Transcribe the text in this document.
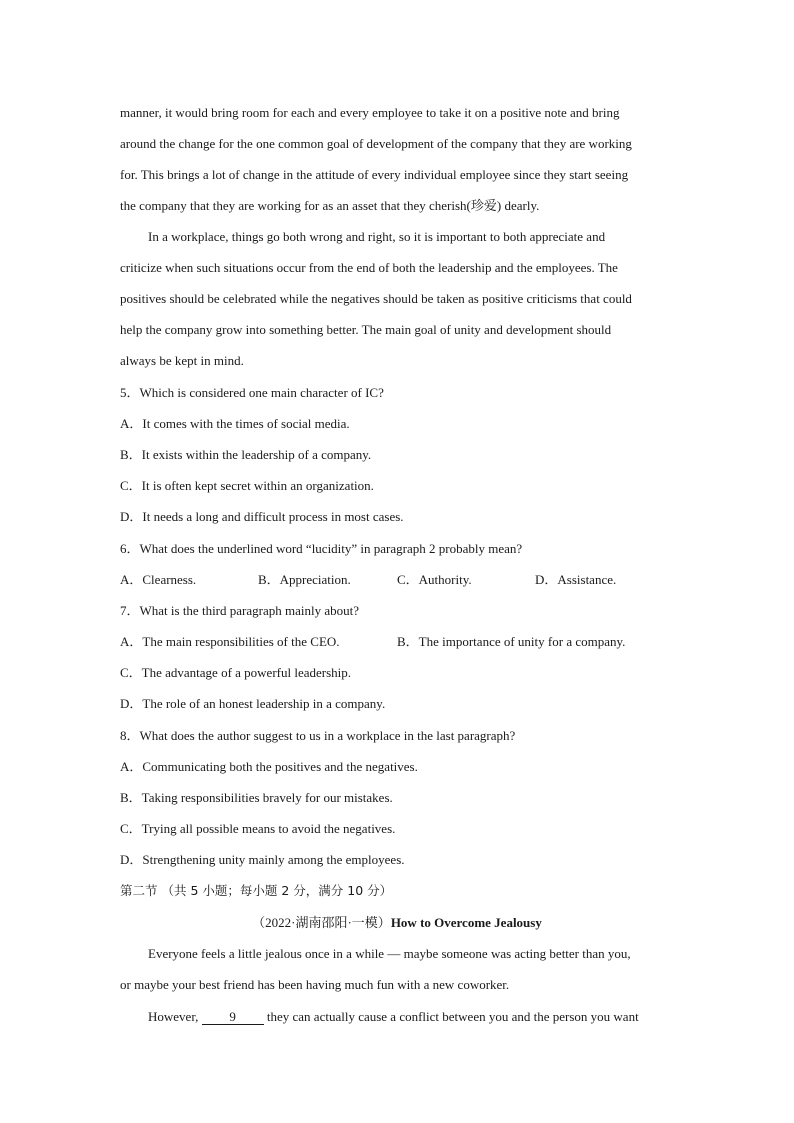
manner, it would bring room for each and every employee to take it on a positive note and bring
around the change for the one common goal of development of the company that they are working
for. This brings a lot of change in the attitude of every individual employee since they start seeing
the company that they are working for as an asset that they cherish(珍爱) dearly.
In a workplace, things go both wrong and right, so it is important to both appreciate and
criticize when such situations occur from the end of both the leadership and the employees. The
positives should be celebrated while the negatives should be taken as positive criticisms that could
help the company grow into something better. The main goal of unity and development should
always be kept in mind.
5．Which is considered one main character of IC?
A．It comes with the times of social media.
B．It exists within the leadership of a company.
C．It is often kept secret within an organization.
D．It needs a long and difficult process in most cases.
6．What does the underlined word “lucidity” in paragraph 2 probably mean?
A．Clearness.	B．Appreciation.	C．Authority.	D．Assistance.
7．What is the third paragraph mainly about?
A．The main responsibilities of the CEO.	B．The importance of unity for a company.
C．The advantage of a powerful leadership.
D．The role of an honest leadership in a company.
8．What does the author suggest to us in a workplace in the last paragraph?
A．Communicating both the positives and the negatives.
B．Taking responsibilities bravely for our mistakes.
C．Trying all possible means to avoid the negatives.
D．Strengthening unity mainly among the employees.
第二节 （共 5 小题；每小题 2 分，满分 10 分）
（2022·湖南邵阳·一模）How to Overcome Jealousy
Everyone feels a little jealous once in a while — maybe someone was acting better than you,
or maybe your best friend has been having much fun with a new coworker.
However, 9 they can actually cause a conflict between you and the person you want
